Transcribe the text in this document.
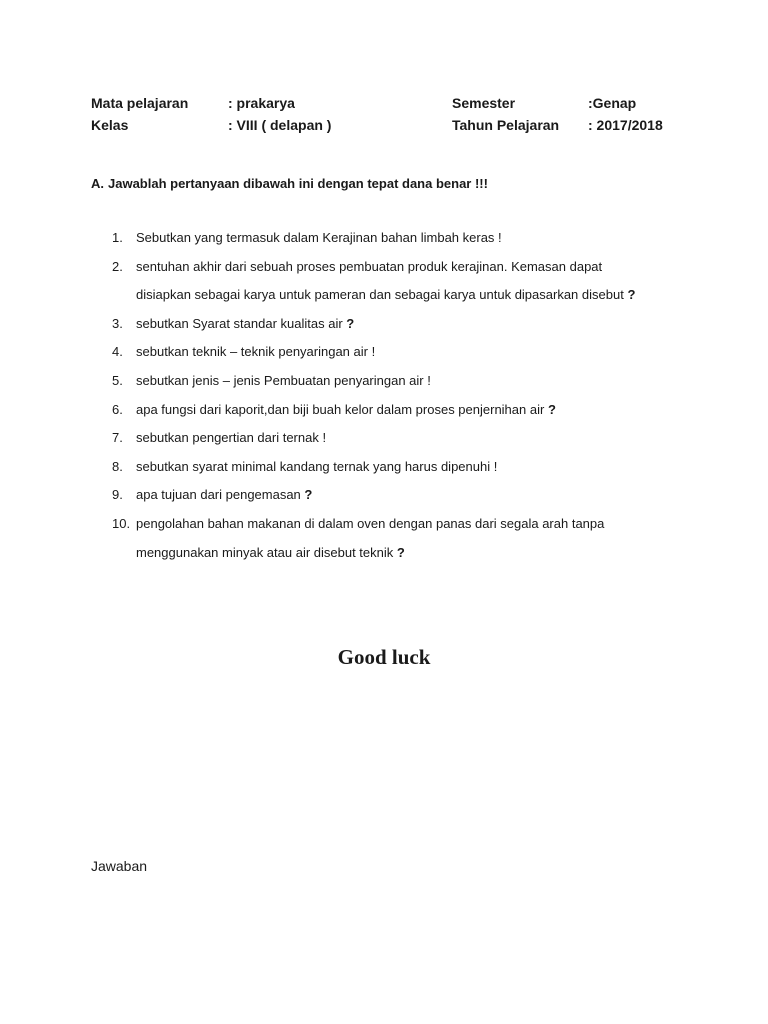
Mata pelajaran	: prakarya	Semester	:Genap
Kelas	: VIII ( delapan )	Tahun Pelajaran : 2017/2018
A. Jawablah pertanyaan dibawah ini dengan tepat dana benar !!!
1.	Sebutkan yang termasuk dalam Kerajinan bahan limbah keras !
2.	sentuhan akhir dari sebuah proses pembuatan produk kerajinan. Kemasan dapat
disiapkan sebagai karya untuk pameran dan sebagai karya untuk dipasarkan disebut ?
3.	sebutkan Syarat standar kualitas air ?
4.	sebutkan teknik – teknik penyaringan air !
5.	sebutkan jenis – jenis Pembuatan penyaringan air !
6.	apa fungsi dari kaporit,dan biji buah kelor dalam proses penjernihan air ?
7.	sebutkan pengertian dari ternak !
8.	sebutkan syarat minimal kandang ternak yang harus dipenuhi !
9.	apa tujuan dari pengemasan ?
10. pengolahan bahan makanan di dalam oven dengan panas dari segala arah tanpa
menggunakan minyak atau air disebut teknik ?
Good luck
Jawaban
